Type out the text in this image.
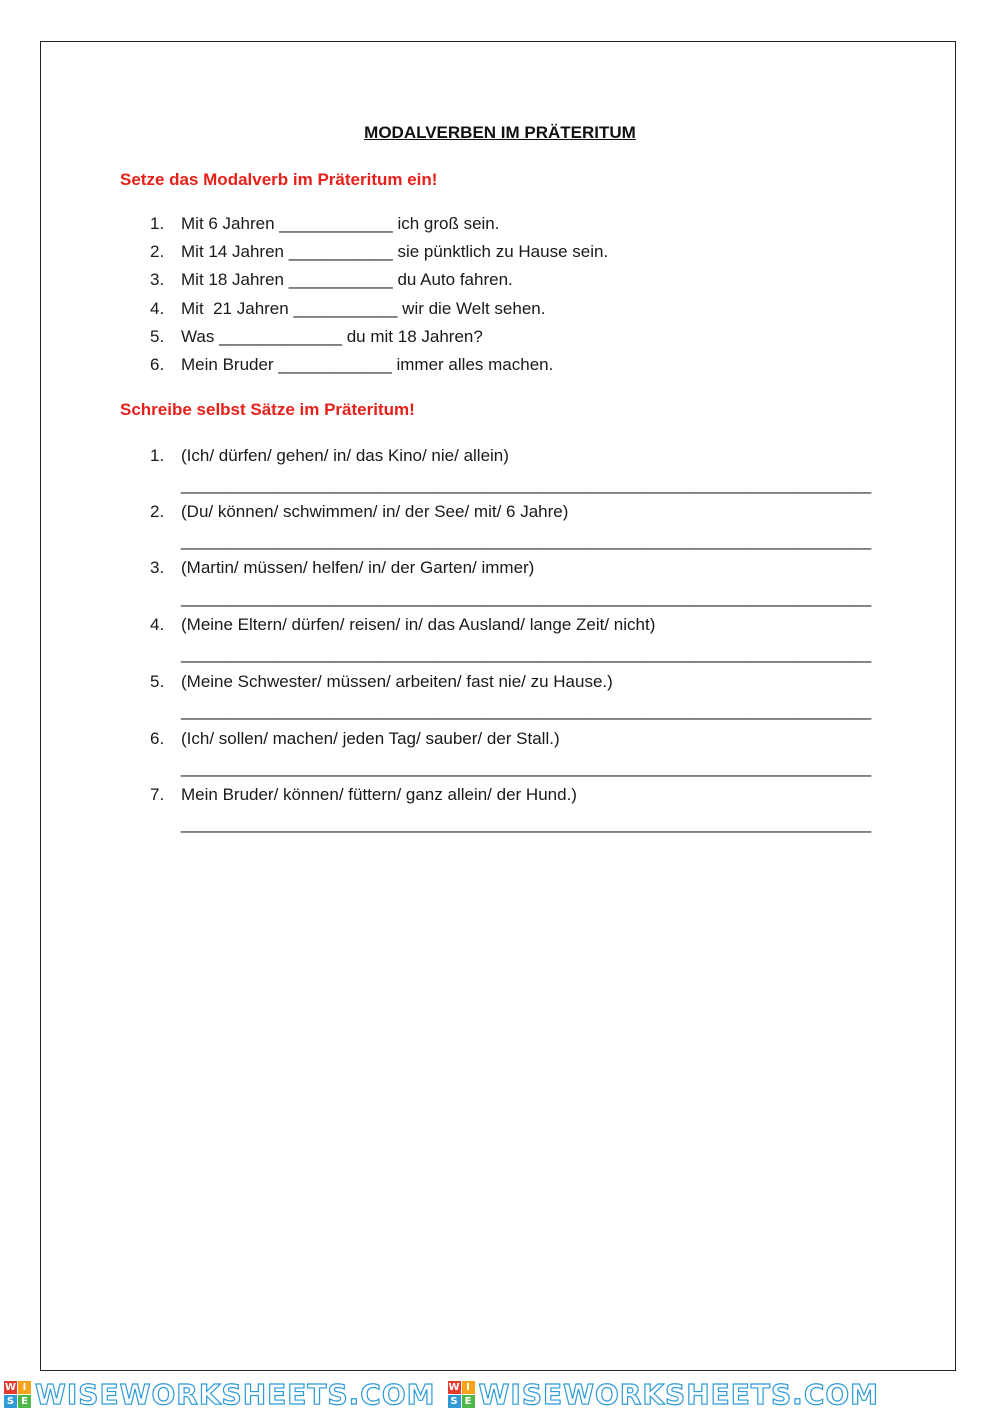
MODALVERBEN IM PRÄTERITUM
Setze das Modalverb im Präteritum ein!
1. Mit 6 Jahren ____________ ich groß sein.
2. Mit 14 Jahren ___________ sie pünktlich zu Hause sein.
3. Mit 18 Jahren ___________ du Auto fahren.
4. Mit  21 Jahren ___________ wir die Welt sehen.
5. Was _____________ du mit 18 Jahren?
6. Mein Bruder ____________ immer alles machen.
Schreibe selbst Sätze im Präteritum!
1. (Ich/ dürfen/ gehen/ in/ das Kino/ nie/ allein)
_________________________________________________________________________
2. (Du/ können/ schwimmen/ in/ der See/ mit/ 6 Jahre)
_________________________________________________________________________
3. (Martin/ müssen/ helfen/ in/ der Garten/ immer)
_________________________________________________________________________
4. (Meine Eltern/ dürfen/ reisen/ in/ das Ausland/ lange Zeit/ nicht)
_________________________________________________________________________
5. (Meine Schwester/ müssen/ arbeiten/ fast nie/ zu Hause.)
_________________________________________________________________________
6. (Ich/ sollen/ machen/ jeden Tag/ sauber/ der Stall.)
_________________________________________________________________________
7. Mein Bruder/ können/ füttern/ ganz allein/ der Hund.)
_________________________________________________________________________
W I
S E WISEWORKSHEETS.COM W I
S E WISEWORKSHEETS.COM
